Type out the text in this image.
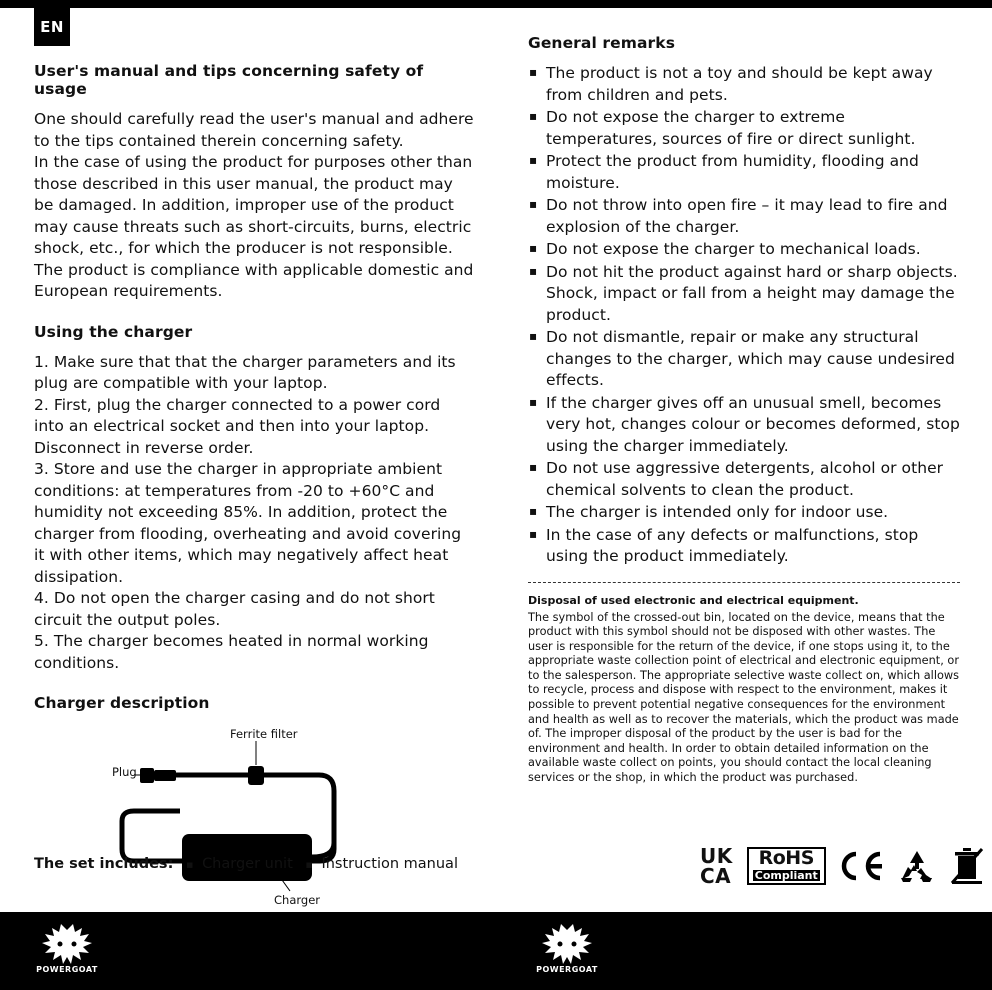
EN
User's manual and tips concerning safety of usage

One should carefully read the user's manual and adhere to the tips contained therein concerning safety.

In the case of using the product for purposes other than those described in this user manual, the product may be damaged. In addition, improper use of the product may cause threats such as short-circuits, burns, electric shock, etc., for which the producer is not responsible.

The product is compliance with applicable domestic and European requirements.

Using the charger
1. Make sure that that the charger parameters and its plug are compatible with your laptop.
2. First, plug the charger connected to a power cord into an electrical socket and then into your laptop. Disconnect in reverse order.
3. Store and use the charger in appropriate ambient conditions: at temperatures from -20 to +60°C and humidity not exceeding 85%. In addition, protect the charger from flooding, overheating and avoid covering it with other items, which may negatively affect heat dissipation.
4. Do not open the charger casing and do not short circuit the output poles.
5. The charger becomes heated in normal working conditions.
Charger description
Ferrite filter
Plug
Charger
General remarks
▪ The product is not a toy and should be kept away from children and pets.
▪ Do not expose the charger to extreme temperatures, sources of fire or direct sunlight.
▪ Protect the product from humidity, flooding and moisture.
▪ Do not throw into open fire – it may lead to fire and explosion of the charger.
▪ Do not expose the charger to mechanical loads.
▪ Do not hit the product against hard or sharp objects. Shock, impact or fall from a height may damage the product.
▪ Do not dismantle, repair or make any structural changes to the charger, which may cause undesired effects.
▪ If the charger gives off an unusual smell, becomes very hot, changes colour or becomes deformed, stop using the charger immediately.
▪ Do not use aggressive detergents, alcohol or other chemical solvents to clean the product.
▪ The charger is intended only for indoor use.
▪ In the case of any defects or malfunctions, stop using the product immediately.

Disposal of used electronic and electrical equipment.

The symbol of the crossed-out bin, located on the device, means that the product with this symbol should not be disposed with other wastes. The user is responsible for the return of the device, if one stops using it, to the appropriate waste collection point of electrical and electronic equipment, or to the salesperson. The appropriate selective waste collect on, which allows to recycle, process and dispose with respect to the environment, makes it possible to prevent potential negative consequences for the environment and health as well as to recover the materials, which the product was made of. The improper disposal of the product by the user is bad for the environment and health. In order to obtain detailed information on the available waste collect on points, you should contact the local cleaning services or the shop, in which the product was purchased.

The set includes: ▪ Charger unit ▪ Instruction manual	UK
CA
RoHS
Compliant
POWERGOAT	POWERGOAT
